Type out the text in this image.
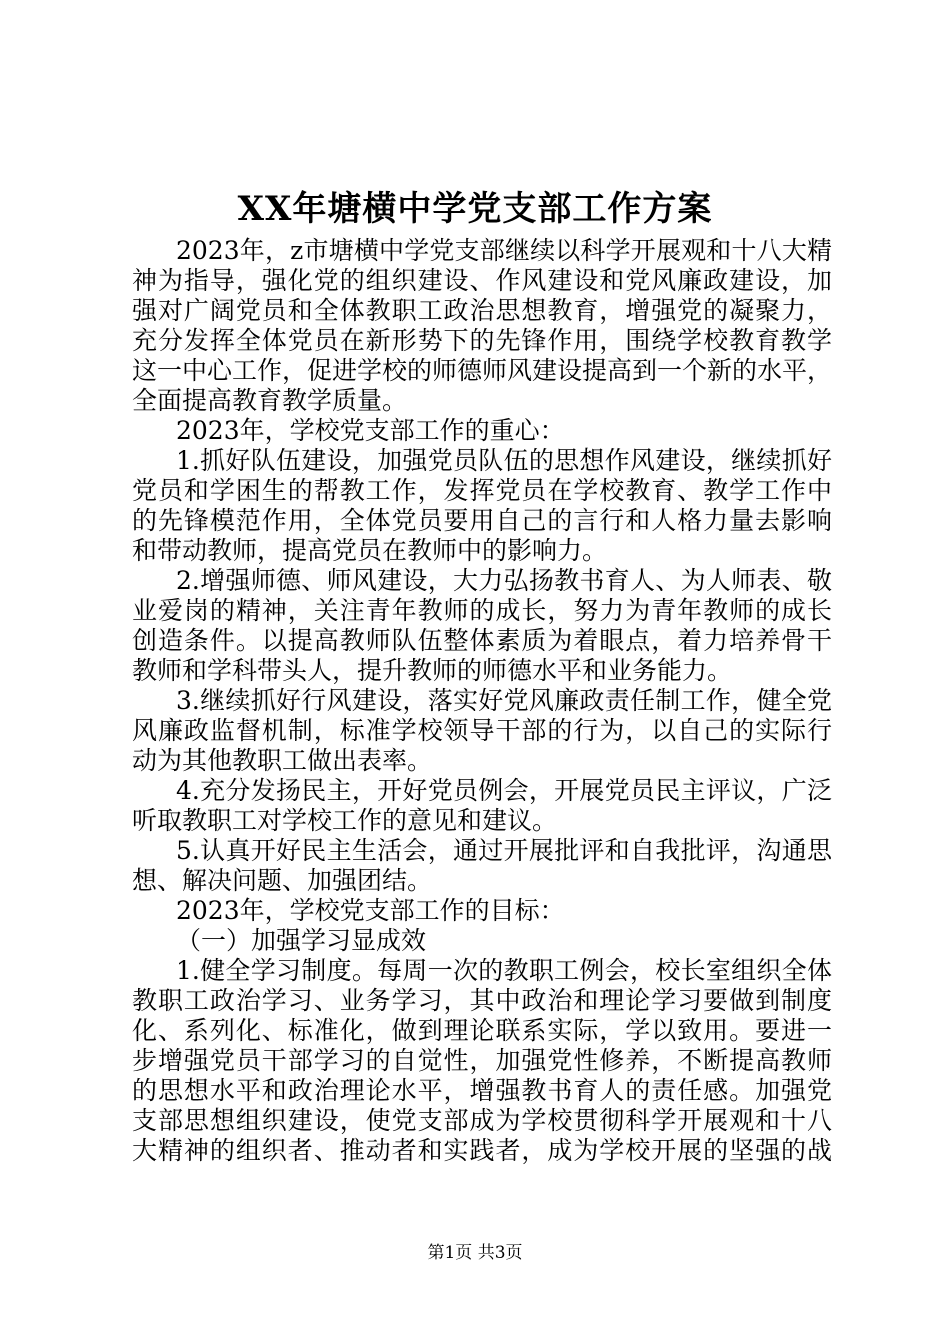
XX年塘横中学党支部工作方案
2023年，z市塘横中学党支部继续以科学开展观和十八大精
神为指导，强化党的组织建设、作风建设和党风廉政建设，加
强对广阔党员和全体教职工政治思想教育，增强党的凝聚力，
充分发挥全体党员在新形势下的先锋作用，围绕学校教育教学
这一中心工作，促进学校的师德师风建设提高到一个新的水平，
全面提高教育教学质量。
2023年，学校党支部工作的重心：
1.抓好队伍建设，加强党员队伍的思想作风建设，继续抓好
党员和学困生的帮教工作，发挥党员在学校教育、教学工作中
的先锋模范作用，全体党员要用自己的言行和人格力量去影响
和带动教师，提高党员在教师中的影响力。
2.增强师德、师风建设，大力弘扬教书育人、为人师表、敬
业爱岗的精神，关注青年教师的成长，努力为青年教师的成长
创造条件。以提高教师队伍整体素质为着眼点，着力培养骨干
教师和学科带头人，提升教师的师德水平和业务能力。
3.继续抓好行风建设，落实好党风廉政责任制工作，健全党
风廉政监督机制，标准学校领导干部的行为，以自己的实际行
动为其他教职工做出表率。
4.充分发扬民主，开好党员例会，开展党员民主评议，广泛
听取教职工对学校工作的意见和建议。
5.认真开好民主生活会，通过开展批评和自我批评，沟通思
想、解决问题、加强团结。
2023年，学校党支部工作的目标：
（一）加强学习显成效
1.健全学习制度。每周一次的教职工例会，校长室组织全体
教职工政治学习、业务学习，其中政治和理论学习要做到制度
化、系列化、标准化，做到理论联系实际，学以致用。要进一
步增强党员干部学习的自觉性，加强党性修养，不断提高教师
的思想水平和政治理论水平，增强教书育人的责任感。加强党
支部思想组织建设，使党支部成为学校贯彻科学开展观和十八
大精神的组织者、推动者和实践者，成为学校开展的坚强的战
第1页 共3页
